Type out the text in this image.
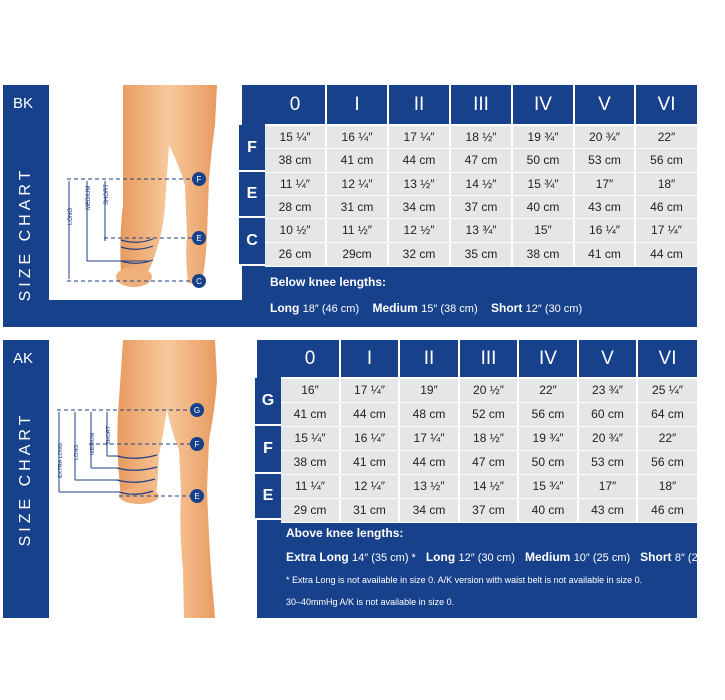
BK
SIZE CHART	LONG
MEDIUM SHORT
F
E
C
F
E
C
0	I	II	III	IV	V	VI
15 ¼″	16 ¼″	17 ¼″	18 ½″	19 ¾″	20 ¾″	22″
38 cm	41 cm	44 cm	47 cm	50 cm	53 cm	56 cm
11 ¼″	12 ¼″	13 ½″	14 ½″	15 ¾″	17″	18″
28 cm	31 cm	34 cm	37 cm	40 cm	43 cm	46 cm
10 ½″	11 ½″	12 ½″	13 ¾″	15″	16 ¼″	17 ¼″
26 cm	29cm	32 cm	35 cm	38 cm	41 cm	44 cm
Below knee lengths:
Long 18″ (46 cm) Medium 15″ (38 cm) Short 12″ (30 cm)
AK
SIZE CHART	EXTRA LONG LONG MEDIUM SHORT
G
F
E
G
F
E
0	I	II	III	IV	V	VI
16″	17 ¼″	19″	20 ½″	22″	23 ¾″	25 ¼″
41 cm	44 cm	48 cm	52 cm	56 cm	60 cm	64 cm
15 ¼″	16 ¼″	17 ¼″	18 ½″	19 ¾″	20 ¾″	22″
38 cm	41 cm	44 cm	47 cm	50 cm	53 cm	56 cm
11 ¼″	12 ¼″	13 ½″	14 ½″	15 ¾″	17″	18″
29 cm	31 cm	34 cm	37 cm	40 cm	43 cm	46 cm
Above knee lengths:
Extra Long 14″ (35 cm) * Long 12″ (30 cm) Medium 10″ (25 cm) Short 8″ (20 cm)
* Extra Long is not available in size 0. A/K version with waist belt is not available in size 0.
30–40mmHg A/K is not available in size 0.
